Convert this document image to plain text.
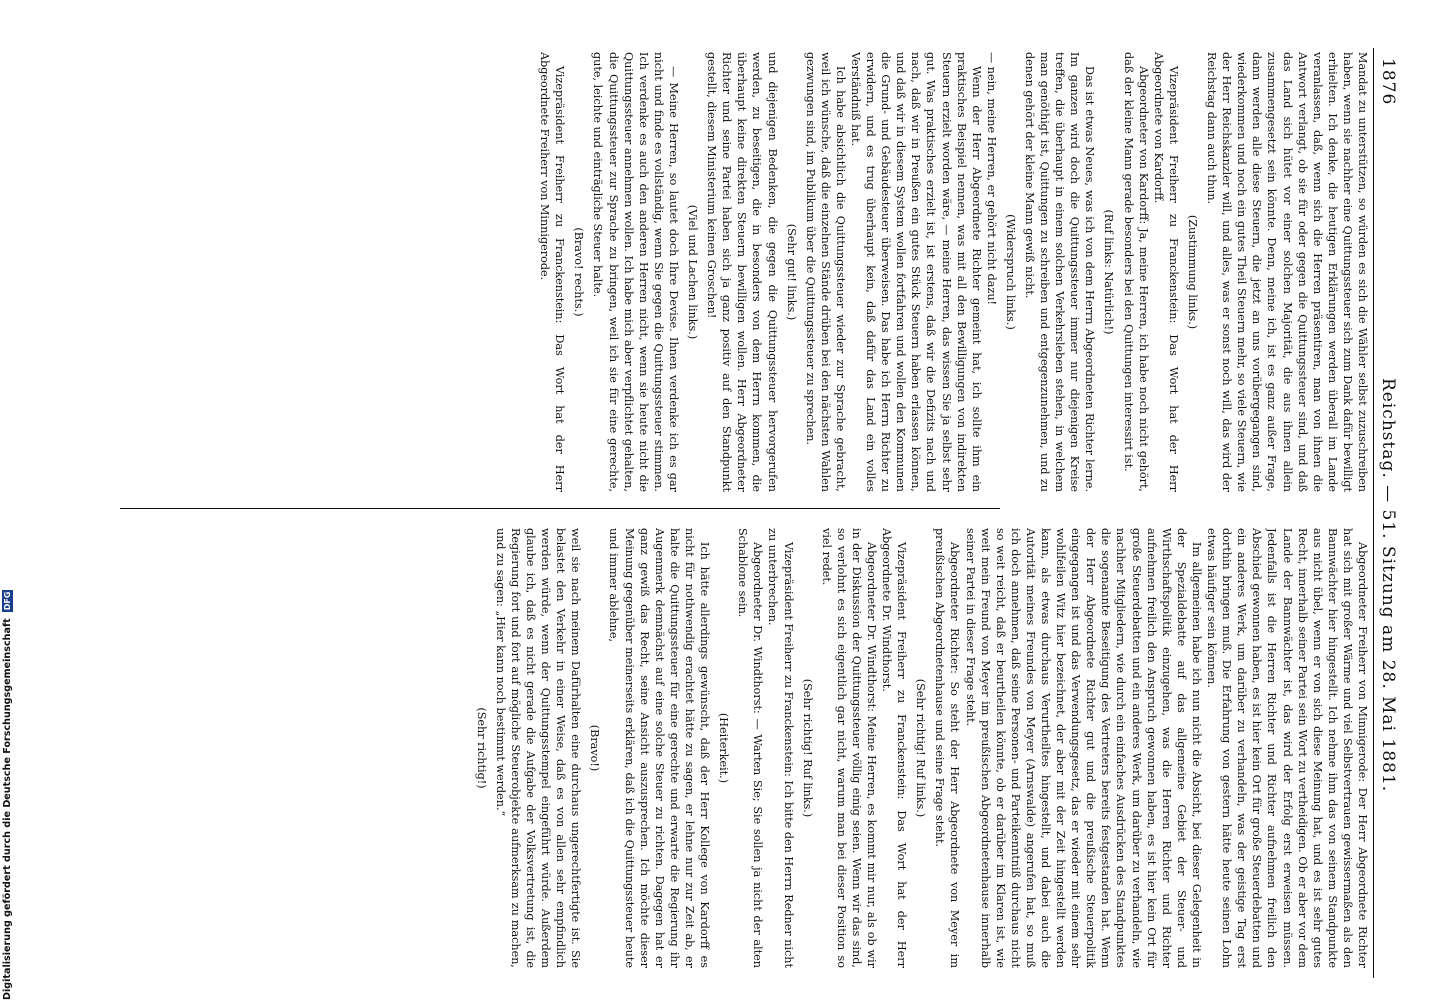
1876
Reichstag. — 51. Sitzung am 28. Mai 1881.

Mandat zu unterstützen, so würden es sich die Wähler selbst zuzuschreiben haben, wenn sie nachher eine Quittungssteuer sich zum Dank dafür bewilligt erhielten. Ich denke, die heutigen Erklärungen werden überall im Lande veranlassen, daß, wenn sich die Herren präsentiren, man von ihnen die Antwort verlangt, ob sie für oder gegen die Quittungssteuer sind, und daß das Land sich hütet vor einer solchen Majorität, die aus ihnen allein zusammengesetzt sein könnte. Denn, meine ich, ist es ganz außer Frage, dann werden alle diese Steuern, die jetzt an uns vorübergegangen sind, wiederkommen und noch ein gutes Theil Steuern mehr, so viele Steuern, wie der Herr Reichskanzler will, und alles, was er sonst noch will, das wird der Reichstag dann auch thun.

(Zustimmung links.)

Vizepräsident Freiherr zu Franckenstein: Das Wort hat der Herr Abgeordnete von Kardorff.

Abgeordneter von Kardorff: Ja, meine Herren, ich habe noch nicht gehört, daß der kleine Mann gerade besonders bei den Quittungen interessirt ist.

(Ruf links: Natürlich!)

Das ist etwas Neues, was ich von dem Herrn Abgeordneten Richter lerne. Im ganzen wird doch die Quittungssteuer immer nur diejenigen Kreise treffen, die überhaupt in einem solchen Verkehrsleben stehen, in welchem man genöthigt ist, Quittungen zu schreiben und entgegenzunehmen, und zu denen gehört der kleine Mann gewiß nicht.

(Widerspruch links.)

— nein, meine Herren, er gehört nicht dazu!

Wenn der Herr Abgeordnete Richter gemeint hat, ich sollte ihm ein praktisches Beispiel nennen, was mit all den Bewilligungen von indirekten Steuern erzielt worden wäre, — meine Herren, das wissen Sie ja selbst sehr gut. Was praktisches erzielt ist, ist erstens, daß wir die Defizits nach und nach, daß wir in Preußen ein gutes Stück Steuern haben erlassen können, und daß wir in diesem System wollen fortfahren und wollen den Kommunen die Grund- und Gebäudesteuer überweisen. Das habe ich Herrn Richter zu erwidern, und es trug überhaupt kein, daß dafür das Land ein volles Verständniß hat.

Ich habe absichtlich die Quittungssteuer wieder zur Sprache gebracht, weil ich wünsche, daß die einzelnen Stände drüben bei den nächsten Wahlen gezwungen sind, im Publikum über die Quittungssteuer zu sprechen.

(Sehr gut! links.)

und diejenigen Bedenken, die gegen die Quittungssteuer hervorgerufen werden, zu beseitigen, die in besonders von dem Herrn kommen, die überhaupt keine direkten Steuern bewilligen wollen. Herr Abgeordneter Richter und seine Partei haben sich ja ganz positiv auf den Standpunkt gestellt, diesem Ministerium keinen Groschen!

(Viel und Lachen links.)

— Meine Herren, so lautet doch Ihre Devise. Ihnen verdenke ich es gar nicht und finde es vollständig, wenn Sie gegen die Quittungssteuer stimmen. Ich verdenke es auch den anderen Herren nicht, wenn sie heute nicht die Quittungssteuer annehmen wollen. Ich habe mich aber verpflichtet gehalten, die Quittungssteuer zur Sprache zu bringen, weil ich sie für eine gerechte, gute, leichte und einträgliche Steuer halte.

(Bravo! rechts.)

Vizepräsident Freiherr zu Franckenstein: Das Wort hat der Herr Abgeordnete Freiherr von Minnigerode.

Abgeordneter Freiherr von Minnigerode: Der Herr Abgeordnete Richter hat sich mit großer Wärme und viel Selbstvertrauen gewissermaßen als den Bannwächter hier hingestellt. Ich nehme ihm das von seinem Standpunkte aus nicht übel, wenn er von sich diese Meinung hat, und es ist sehr gutes Recht, innerhalb seiner Partei sein Wort zu vertheidigen. Ob er aber vor dem Lande der Bannwächter ist, das wird der Erfolg erst erweisen müssen. Jedenfalls ist die Herren Richter und Richter aufnehmen freilich den Abschied gewonnen haben, es ist hier kein Ort für große Steuerdebatten und ein anderes Werk, um darüber zu verhandeln, was der geistige Tag erst dorthin bringen muß. Die Erfahrung von gestern hätte heute seinen Lohn etwas häufiger sein können.

Im allgemeinen habe ich nun nicht die Absicht, bei dieser Gelegenheit in der Spezialdebatte auf das allgemeine Gebiet der Steuer- und Wirthschaftspolitik einzugehen, was die Herren Richter und Richter aufnehmen freilich den Anspruch gewonnen haben, es ist hier kein Ort für große Steuerdebatten und ein anderes Werk, um darüber zu verhandeln, wie nachher Mitgliedern, wie durch ein einfaches Ausdrücken des Standpunktes die sogenannte Beseitigung des Vertreters bereits festgestanden hat. Wenn der Herr Abgeordnete Richter gut und die preußische Steuerpolitik eingegangen ist und das Verwendungsgesetz, das er wieder mit einem sehr wohlfeilen Witz hier bezeichnet, der aber mit der Zeit hingestellt werden kann, als etwas durchaus Verurtheiltes hingestellt, und dabei auch die Autorität meines Freundes von Meyer (Arnswalde) angerufen hat, so muß ich doch annehmen, daß seine Personen- und Parteikenntniß durchaus nicht so weit reicht, daß er beurtheilen könnte, ob er darüber im Klaren ist, wie weit mein Freund von Meyer im preußischen Abgeordnetenhause innerhalb seiner Partei in dieser Frage steht.

Abgeordneter Richter: So steht der Herr Abgeordnete von Meyer im preußischen Abgeordnetenhause und seine Frage steht.

(Sehr richtig! Ruf links.)

Vizepräsident Freiherr zu Franckenstein: Das Wort hat der Herr Abgeordnete Dr. Windthorst.

Abgeordneter Dr. Windthorst: Meine Herren, es kommt mir nur, als ob wir in der Diskussion der Quittungssteuer völlig einig seien. Wenn wir das sind, so verlohnt es sich eigentlich gar nicht, warum man bei dieser Position so viel redet.

(Sehr richtig! Ruf links.)

Vizepräsident Freiherr zu Franckenstein: Ich bitte den Herrn Redner nicht zu unterbrechen.

Abgeordneter Dr. Windthorst: — Warten Sie; Sie sollen ja nicht der alten Schablone sein.

(Heiterkeit.)

Ich hätte allerdings gewünscht, daß der Herr Kollege von Kardorff es nicht für nothwendig erachtet hätte zu sagen, er lehne nur zur Zeit ab, er halte die Quittungssteuer für eine gerechte und erwarte die Regierung ihr Augenmerk demnächst auf eine solche Steuer zu richten. Dagegen hat er ganz gewiß das Recht, seine Ansicht auszusprechen. Ich möchte dieser Meinung gegenüber meinerseits erklären, daß ich die Quittungssteuer heute und immer ablehne,

(Bravo!)

weil sie nach meinem Dafürhalten eine durchaus ungerechtfertigte ist. Sie belastet den Verkehr in einer Weise, daß es von allen sehr empfindlich werden würde, wenn der Quittungsstempel eingeführt würde. Außerdem glaube ich, daß es nicht gerade die Aufgabe der Volksvertretung ist, die Regierung fort und fort auf mögliche Steuerobjekte aufmerksam zu machen, und zu sagen: „Hier kann noch bestimmt werden.“

(Sehr richtig!)

Digitalisierung gefördert durch die Deutsche Forschungsgemeinschaft
DFG
